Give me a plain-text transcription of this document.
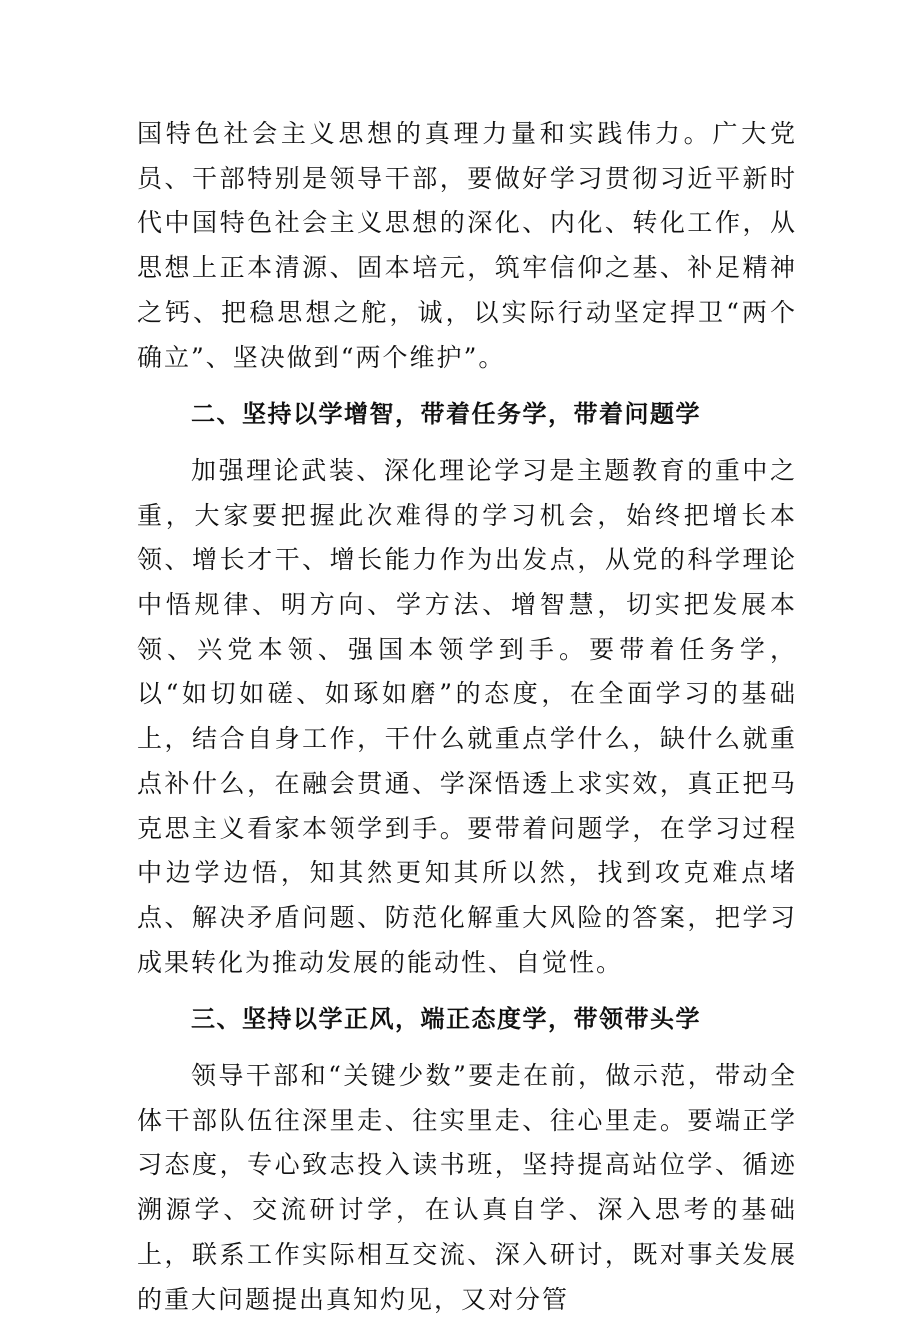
国特色社会主义思想的真理力量和实践伟力。广大党员、干部特别是领导干部，要做好学习贯彻习近平新时代中国特色社会主义思想的深化、内化、转化工作，从思想上正本清源、固本培元，筑牢信仰之基、补足精神之钙、把稳思想之舵，诚，以实际行动坚定捍卫“两个确立”、坚决做到“两个维护”。

二、坚持以学增智，带着任务学，带着问题学

加强理论武装、深化理论学习是主题教育的重中之重，大家要把握此次难得的学习机会，始终把增长本领、增长才干、增长能力作为出发点，从党的科学理论中悟规律、明方向、学方法、增智慧，切实把发展本领、兴党本领、强国本领学到手。要带着任务学，以“如切如磋、如琢如磨”的态度，在全面学习的基础上，结合自身工作，干什么就重点学什么，缺什么就重点补什么，在融会贯通、学深悟透上求实效，真正把马克思主义看家本领学到手。要带着问题学，在学习过程中边学边悟，知其然更知其所以然，找到攻克难点堵点、解决矛盾问题、防范化解重大风险的答案，把学习成果转化为推动发展的能动性、自觉性。

三、坚持以学正风，端正态度学，带领带头学

领导干部和“关键少数”要走在前，做示范，带动全体干部队伍往深里走、往实里走、往心里走。要端正学习态度，专心致志投入读书班，坚持提高站位学、循迹溯源学、交流研讨学，在认真自学、深入思考的基础上，联系工作实际相互交流、深入研讨，既对事关发展的重大问题提出真知灼见，又对分管
